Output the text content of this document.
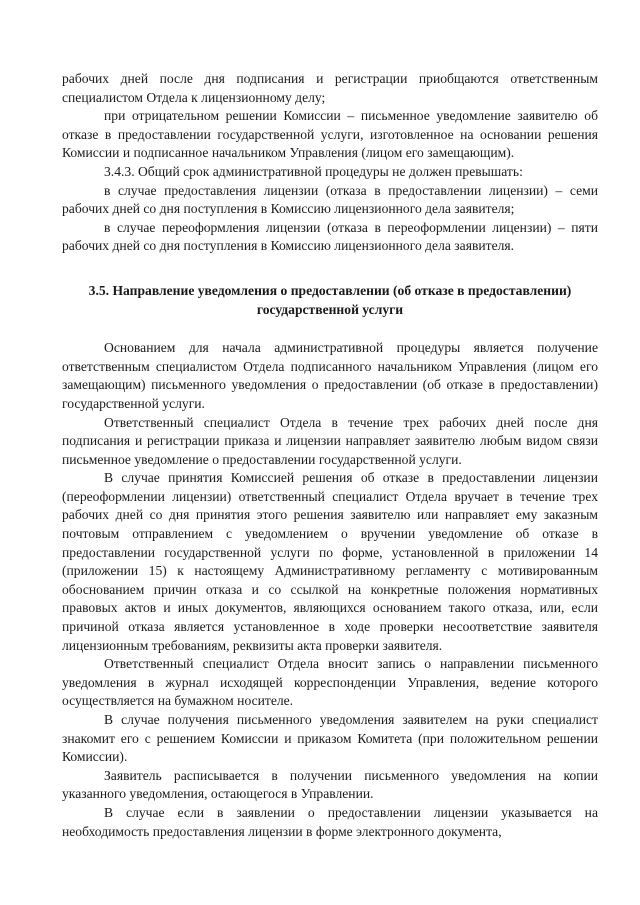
рабочих дней после дня подписания и регистрации приобщаются ответственным специалистом Отдела к лицензионному делу;

при отрицательном решении Комиссии – письменное уведомление заявителю об отказе в предоставлении государственной услуги, изготовленное на основании решения Комиссии и подписанное начальником Управления (лицом его замещающим).

3.4.3. Общий срок административной процедуры не должен превышать:

в случае предоставления лицензии (отказа в предоставлении лицензии) – семи рабочих дней со дня поступления в Комиссию лицензионного дела заявителя;

в случае переоформления лицензии (отказа в переоформлении лицензии) – пяти рабочих дней со дня поступления в Комиссию лицензионного дела заявителя.

3.5. Направление уведомления о предоставлении (об отказе в предоставлении) государственной услуги

Основанием для начала административной процедуры является получение ответственным специалистом Отдела подписанного начальником Управления (лицом его замещающим) письменного уведомления о предоставлении (об отказе в предоставлении) государственной услуги.

Ответственный специалист Отдела в течение трех рабочих дней после дня подписания и регистрации приказа и лицензии направляет заявителю любым видом связи письменное уведомление о предоставлении государственной услуги.

В случае принятия Комиссией решения об отказе в предоставлении лицензии (переоформлении лицензии) ответственный специалист Отдела вручает в течение трех рабочих дней со дня принятия этого решения заявителю или направляет ему заказным почтовым отправлением с уведомлением о вручении уведомление об отказе в предоставлении государственной услуги по форме, установленной в приложении 14 (приложении 15) к настоящему Административному регламенту с мотивированным обоснованием причин отказа и со ссылкой на конкретные положения нормативных правовых актов и иных документов, являющихся основанием такого отказа, или, если причиной отказа является установленное в ходе проверки несоответствие заявителя лицензионным требованиям, реквизиты акта проверки заявителя.

Ответственный специалист Отдела вносит запись о направлении письменного уведомления в журнал исходящей корреспонденции Управления, ведение которого осуществляется на бумажном носителе.

В случае получения письменного уведомления заявителем на руки специалист знакомит его с решением Комиссии и приказом Комитета (при положительном решении Комиссии).

Заявитель расписывается в получении письменного уведомления на копии указанного уведомления, остающегося в Управлении.

В случае если в заявлении о предоставлении лицензии указывается на необходимость предоставления лицензии в форме электронного документа,
